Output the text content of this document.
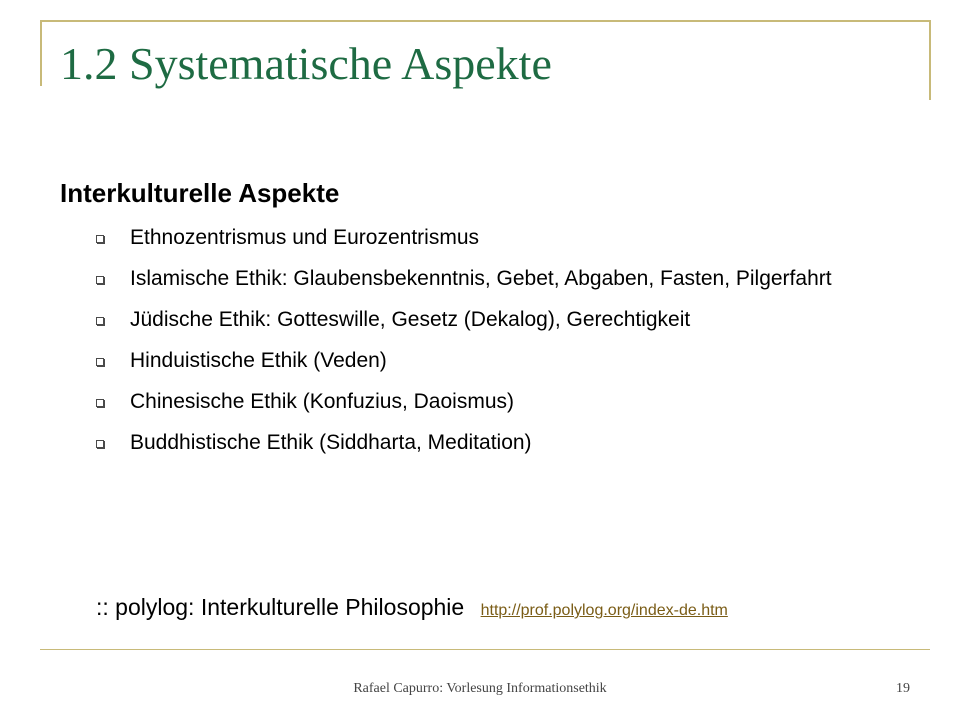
1.2 Systematische Aspekte
Interkulturelle Aspekte
Ethnozentrismus und Eurozentrismus
Islamische Ethik: Glaubensbekenntnis, Gebet, Abgaben, Fasten, Pilgerfahrt
Jüdische Ethik: Gotteswille, Gesetz (Dekalog), Gerechtigkeit
Hinduistische Ethik (Veden)
Chinesische Ethik (Konfuzius, Daoismus)
Buddhistische Ethik (Siddharta, Meditation)

:: polylog: Interkulturelle Philosophie http://prof.polylog.org/index-de.htm

Rafael Capurro: Vorlesung Informationsethik	19
